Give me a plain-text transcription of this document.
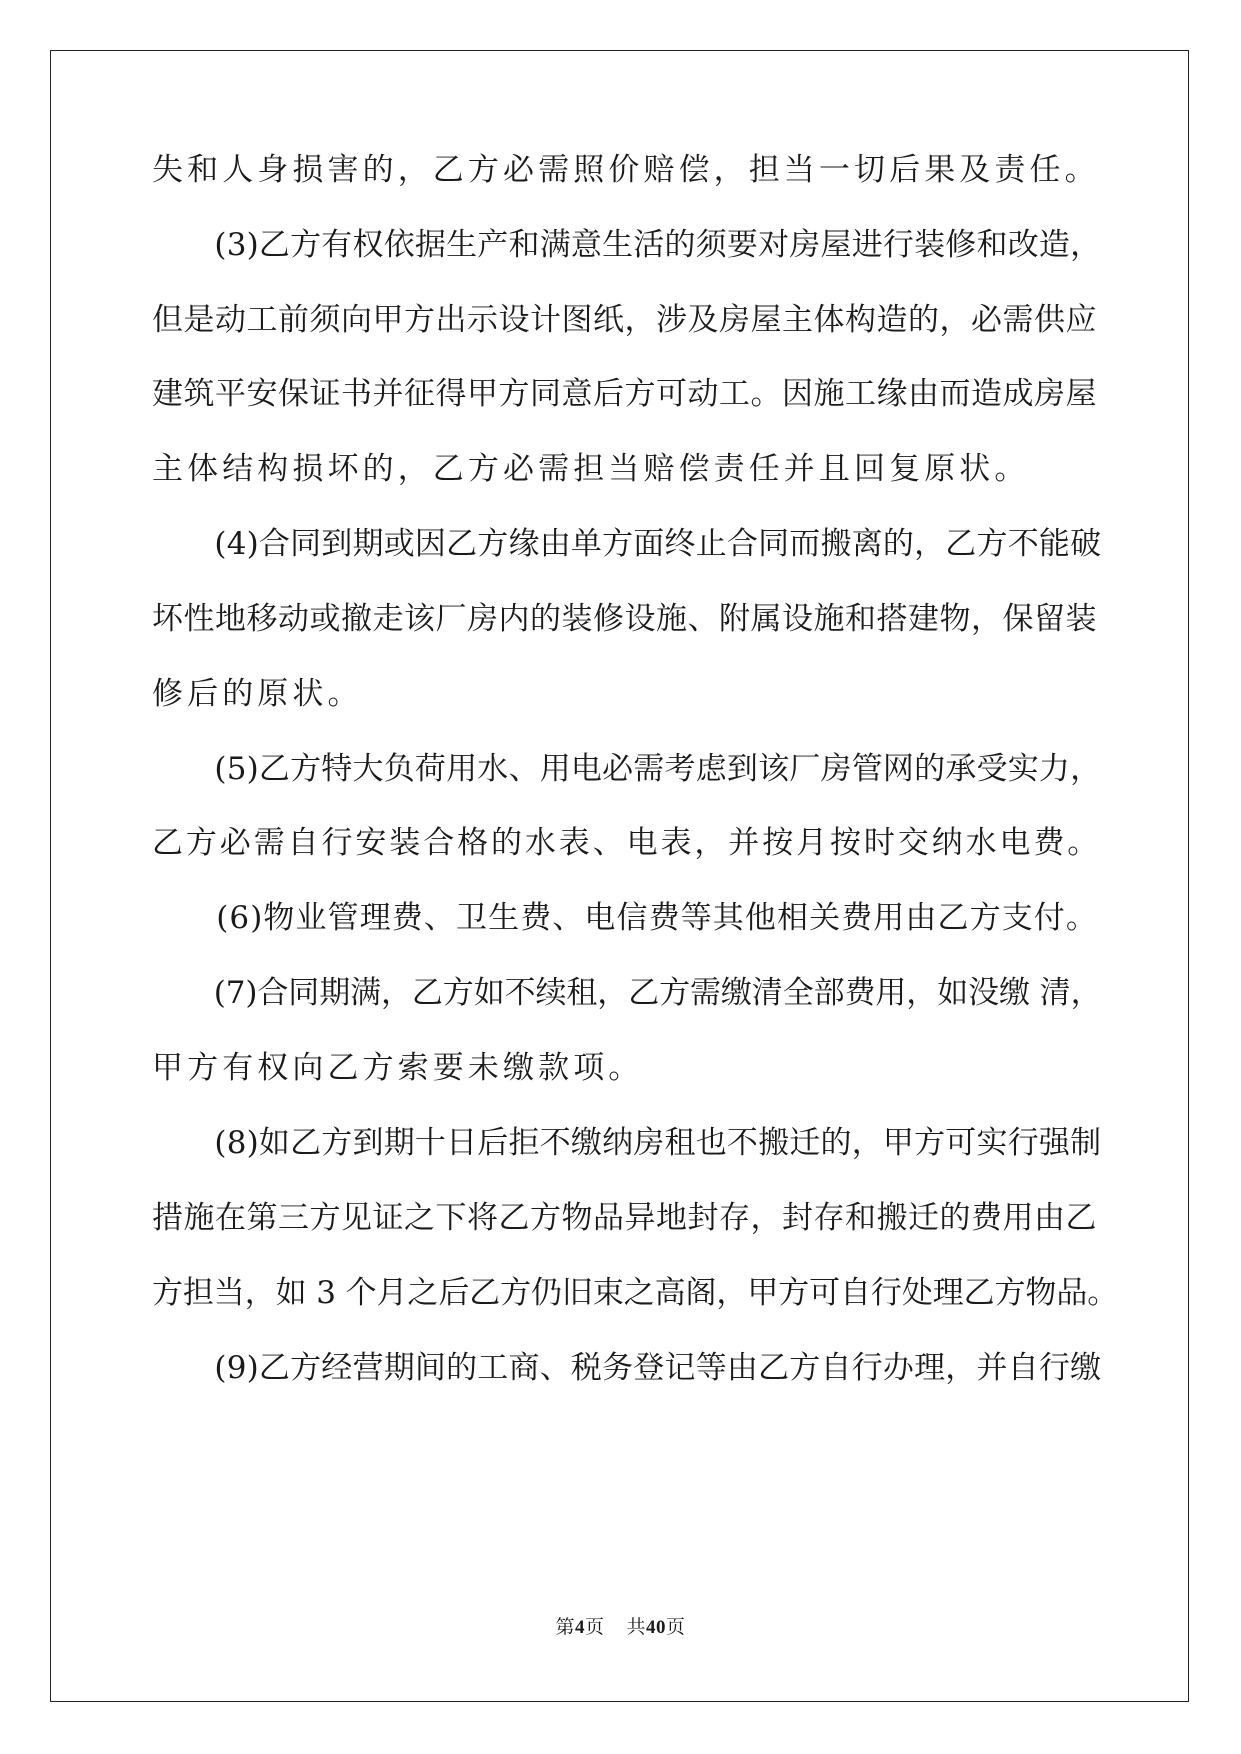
失和人身损害的，乙方必需照价赔偿，担当一切后果及责任。
　　(3)乙方有权依据生产和满意生活的须要对房屋进行装修和改造，
但是动工前须向甲方出示设计图纸，涉及房屋主体构造的，必需供应
建筑平安保证书并征得甲方同意后方可动工。因施工缘由而造成房屋
主体结构损坏的，乙方必需担当赔偿责任并且回复原状。
　　(4)合同到期或因乙方缘由单方面终止合同而搬离的，乙方不能破
坏性地移动或撤走该厂房内的装修设施、附属设施和搭建物，保留装
修后的原状。
　　(5)乙方特大负荷用水、用电必需考虑到该厂房管网的承受实力，
乙方必需自行安装合格的水表、电表，并按月按时交纳水电费。
　　(6)物业管理费、卫生费、电信费等其他相关费用由乙方支付。
　　(7)合同期满，乙方如不续租，乙方需缴清全部费用，如没缴 清，
甲方有权向乙方索要未缴款项。
　　(8)如乙方到期十日后拒不缴纳房租也不搬迁的，甲方可实行强制
措施在第三方见证之下将乙方物品异地封存，封存和搬迁的费用由乙
方担当，如 3 个月之后乙方仍旧束之高阁，甲方可自行处理乙方物品。
　　(9)乙方经营期间的工商、税务登记等由乙方自行办理，并自行缴
第4页 共40页
